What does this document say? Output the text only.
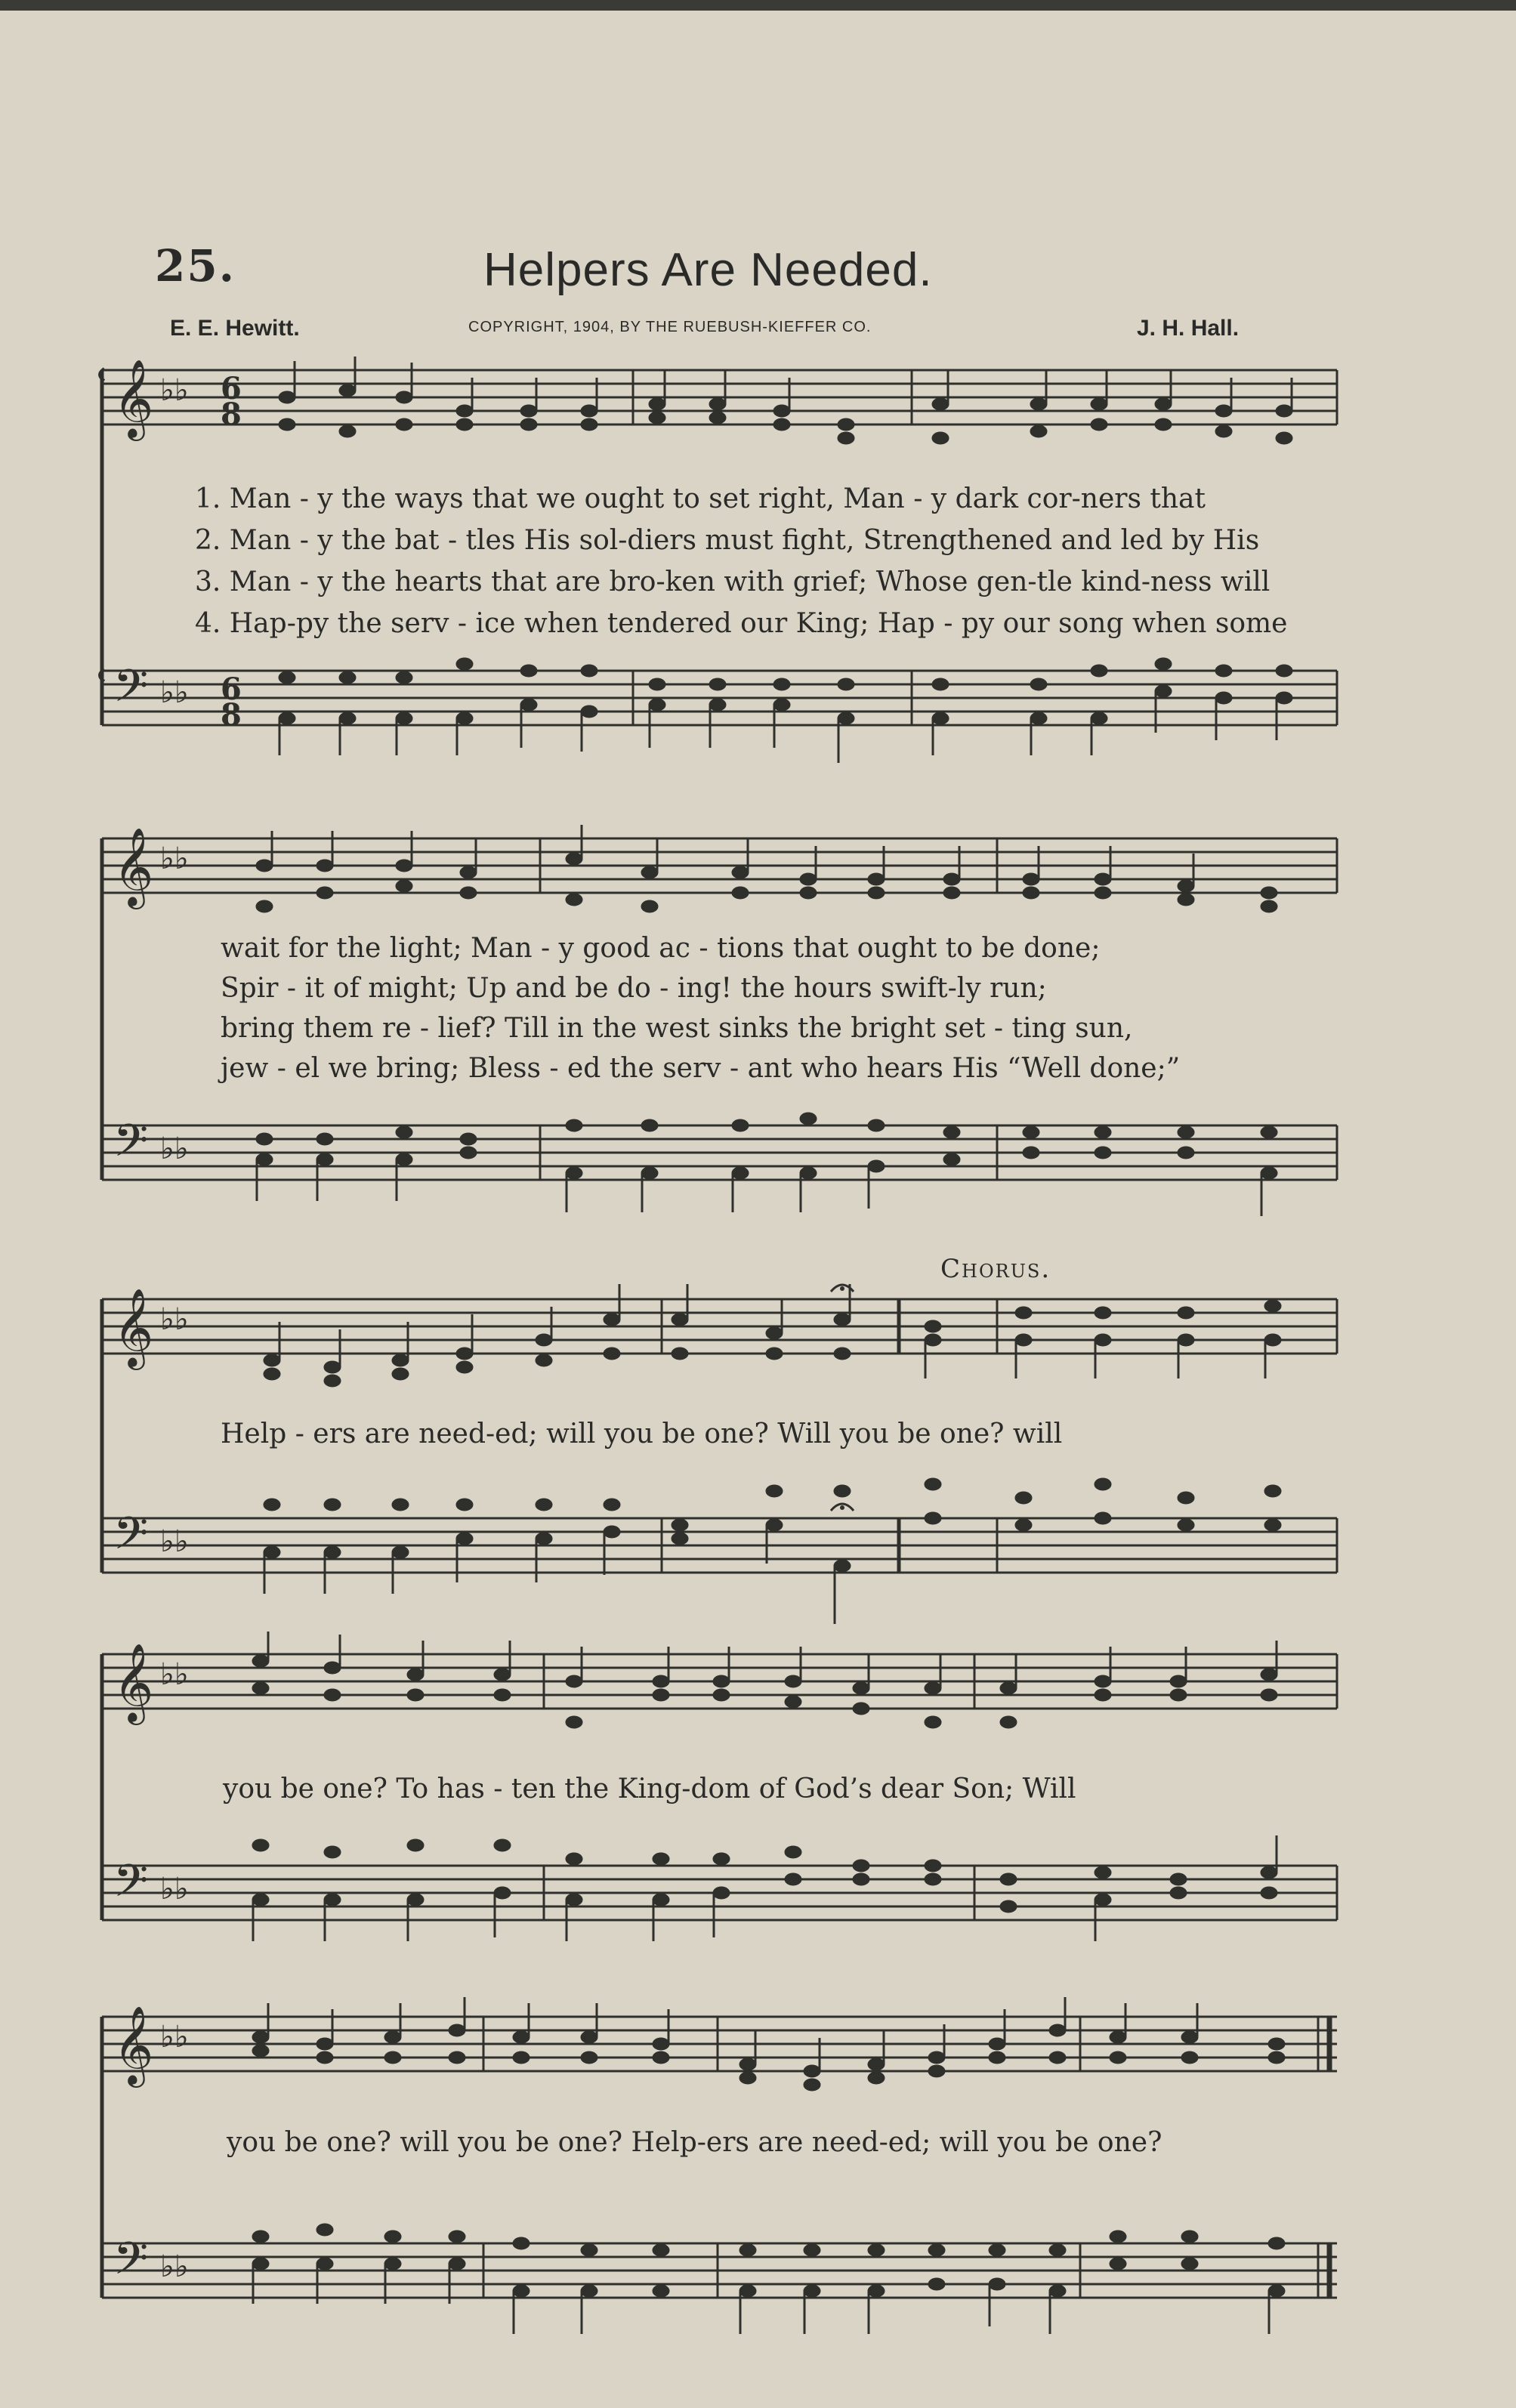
25.	Helpers Are Needed.
E. E. Hewitt.	COPYRIGHT, 1904, BY THE RUEBUSH-KIEFFER CO.	J. H. Hall.
𝄞
𝄢
♭♭
♭♭
6
8
6
8
1. Man - y the ways that we ought to set right, Man - y dark cor-ners that
2. Man - y the bat - tles His sol-diers must fight, Strengthened and led by His
3. Man - y the hearts that are bro-ken with grief; Whose gen-tle kind-ness will
4. Hap-py the serv - ice when tendered our King; Hap - py our song when some
𝄞
𝄢
♭♭
♭♭
wait for the light; Man - y good ac - tions that ought to be done;
Spir - it of might; Up and be do - ing! the hours swift-ly run;
bring them re - lief? Till in the west sinks the bright set - ting sun,
jew - el we bring; Bless - ed the serv - ant who hears His “Well done;”
Chorus.
𝄞
𝄢
♭♭
♭♭
Help - ers are need-ed; will you be one? Will you be one? will
𝄞
𝄢
♭♭
♭♭
you be one? To has - ten the King-dom of God’s dear Son; Will
𝄞
𝄢
♭♭
♭♭
you be one? will you be one? Help-ers are need-ed; will you be one?
